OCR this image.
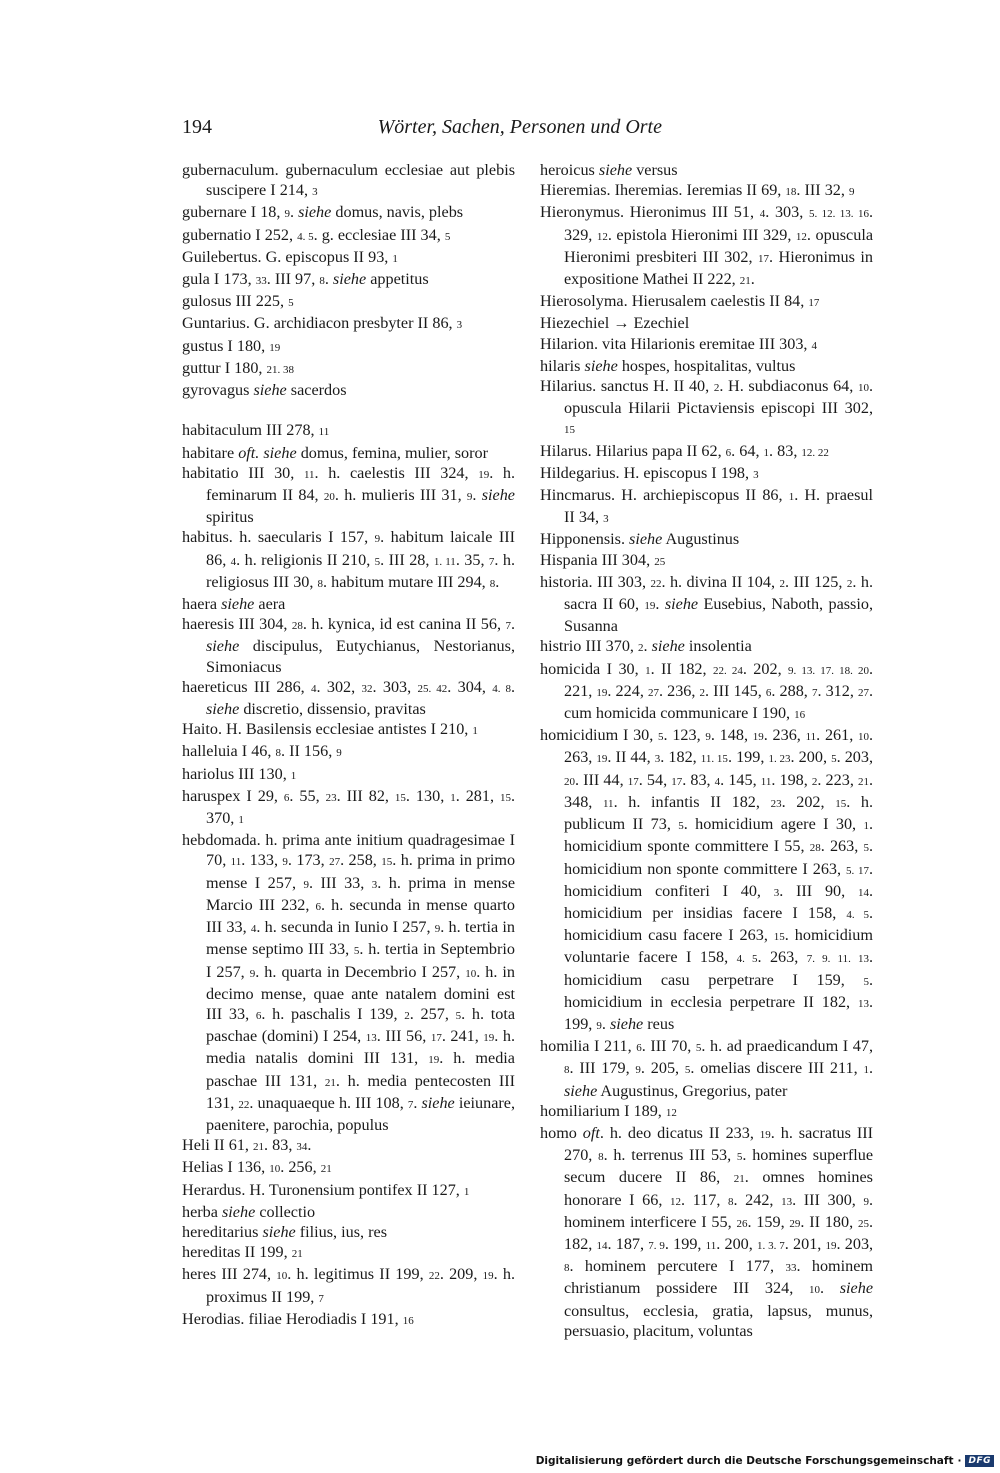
194	Wörter, Sachen, Personen und Orte

gubernaculum. gubernaculum ecclesiae aut plebis suscipere I 214, 3

gubernare I 18, 9. siehe domus, navis, plebs

gubernatio I 252, 4. 5. g. ecclesiae III 34, 5

Guilebertus. G. episcopus II 93, 1

gula I 173, 33. III 97, 8. siehe appetitus

gulosus III 225, 5

Guntarius. G. archidiacon presbyter II 86, 3

gustus I 180, 19

guttur I 180, 21. 38

gyrovagus siehe sacerdos

habitaculum III 278, 11

habitare oft. siehe domus, femina, mulier, soror

habitatio III 30, 11. h. caelestis III 324, 19. h. feminarum II 84, 20. h. mulieris III 31, 9. siehe spiritus

habitus. h. saecularis I 157, 9. habitum laicale III 86, 4. h. religionis II 210, 5. III 28, 1. 11. 35, 7. h. religiosus III 30, 8. habitum mutare III 294, 8.

haera siehe aera

haeresis III 304, 28. h. kynica, id est canina II 56, 7. siehe discipulus, Eutychianus, Nestorianus, Simoniacus

haereticus III 286, 4. 302, 32. 303, 25. 42. 304, 4. 8. siehe discretio, dissensio, pravitas

Haito. H. Basilensis ecclesiae antistes I 210, 1

halleluia I 46, 8. II 156, 9

hariolus III 130, 1

haruspex I 29, 6. 55, 23. III 82, 15. 130, 1. 281, 15. 370, 1

hebdomada. h. prima ante initium quadragesimae I 70, 11. 133, 9. 173, 27. 258, 15. h. prima in primo mense I 257, 9. III 33, 3. h. prima in mense Marcio III 232, 6. h. secunda in mense quarto III 33, 4. h. secunda in Iunio I 257, 9. h. tertia in mense septimo III 33, 5. h. tertia in Septembrio I 257, 9. h. quarta in Decembrio I 257, 10. h. in decimo mense, quae ante natalem domini est III 33, 6. h. paschalis I 139, 2. 257, 5. h. tota paschae (domini) I 254, 13. III 56, 17. 241, 19. h. media natalis domini III 131, 19. h. media paschae III 131, 21. h. media pentecosten III 131, 22. unaquaeque h. III 108, 7. siehe ieiunare, paenitere, parochia, populus

Heli II 61, 21. 83, 34.

Helias I 136, 10. 256, 21

Herardus. H. Turonensium pontifex II 127, 1

herba siehe collectio

hereditarius siehe filius, ius, res

hereditas II 199, 21

heres III 274, 10. h. legitimus II 199, 22. 209, 19. h. proximus II 199, 7

Herodias. filiae Herodiadis I 191, 16

heroicus siehe versus

Hieremias. Iheremias. Ieremias II 69, 18. III 32, 9

Hieronymus. Hieronimus III 51, 4. 303, 5. 12. 13. 16. 329, 12. epistola Hieronimi III 329, 12. opuscula Hieronimi presbiteri III 302, 17. Hieronimus in expositione Mathei II 222, 21.

Hierosolyma. Hierusalem caelestis II 84, 17

Hiezechiel → Ezechiel

Hilarion. vita Hilarionis eremitae III 303, 4

hilaris siehe hospes, hospitalitas, vultus

Hilarius. sanctus H. II 40, 2. H. subdiaconus 64, 10. opuscula Hilarii Pictaviensis episcopi III 302, 15

Hilarus. Hilarius papa II 62, 6. 64, 1. 83, 12. 22

Hildegarius. H. episcopus I 198, 3

Hincmarus. H. archiepiscopus II 86, 1. H. praesul II 34, 3

Hipponensis. siehe Augustinus

Hispania III 304, 25

historia. III 303, 22. h. divina II 104, 2. III 125, 2. h. sacra II 60, 19. siehe Eusebius, Naboth, passio, Susanna

histrio III 370, 2. siehe insolentia

homicida I 30, 1. II 182, 22. 24. 202, 9. 13. 17. 18. 20. 221, 19. 224, 27. 236, 2. III 145, 6. 288, 7. 312, 27. cum homicida communicare I 190, 16

homicidium I 30, 5. 123, 9. 148, 19. 236, 11. 261, 10. 263, 19. II 44, 3. 182, 11. 15. 199, 1. 23. 200, 5. 203, 20. III 44, 17. 54, 17. 83, 4. 145, 11. 198, 2. 223, 21. 348, 11. h. infantis II 182, 23. 202, 15. h. publicum II 73, 5. homicidium agere I 30, 1. homicidium sponte committere I 55, 28. 263, 5. homicidium non sponte committere I 263, 5. 17. homicidium confiteri I 40, 3. III 90, 14. homicidium per insidias facere I 158, 4. 5. homicidium casu facere I 263, 15. homicidium voluntarie facere I 158, 4. 5. 263, 7. 9. 11. 13. homicidium casu perpetrare I 159, 5. homicidium in ecclesia perpetrare II 182, 13. 199, 9. siehe reus

homilia I 211, 6. III 70, 5. h. ad praedicandum I 47, 8. III 179, 9. 205, 5. omelias discere III 211, 1. siehe Augustinus, Gregorius, pater

homiliarium I 189, 12

homo oft. h. deo dicatus II 233, 19. h. sacratus III 270, 8. h. terrenus III 53, 5. homines superflue secum ducere II 86, 21. omnes homines honorare I 66, 12. 117, 8. 242, 13. III 300, 9. hominem interficere I 55, 26. 159, 29. II 180, 25. 182, 14. 187, 7. 9. 199, 11. 200, 1. 3. 7. 201, 19. 203, 8. hominem percutere I 177, 33. hominem christianum possidere III 324, 10. siehe consultus, ecclesia, gratia, lapsus, munus, persuasio, placitum, voluntas

Digitalisierung gefördert durch die Deutsche Forschungsgemeinschaft · DFG
